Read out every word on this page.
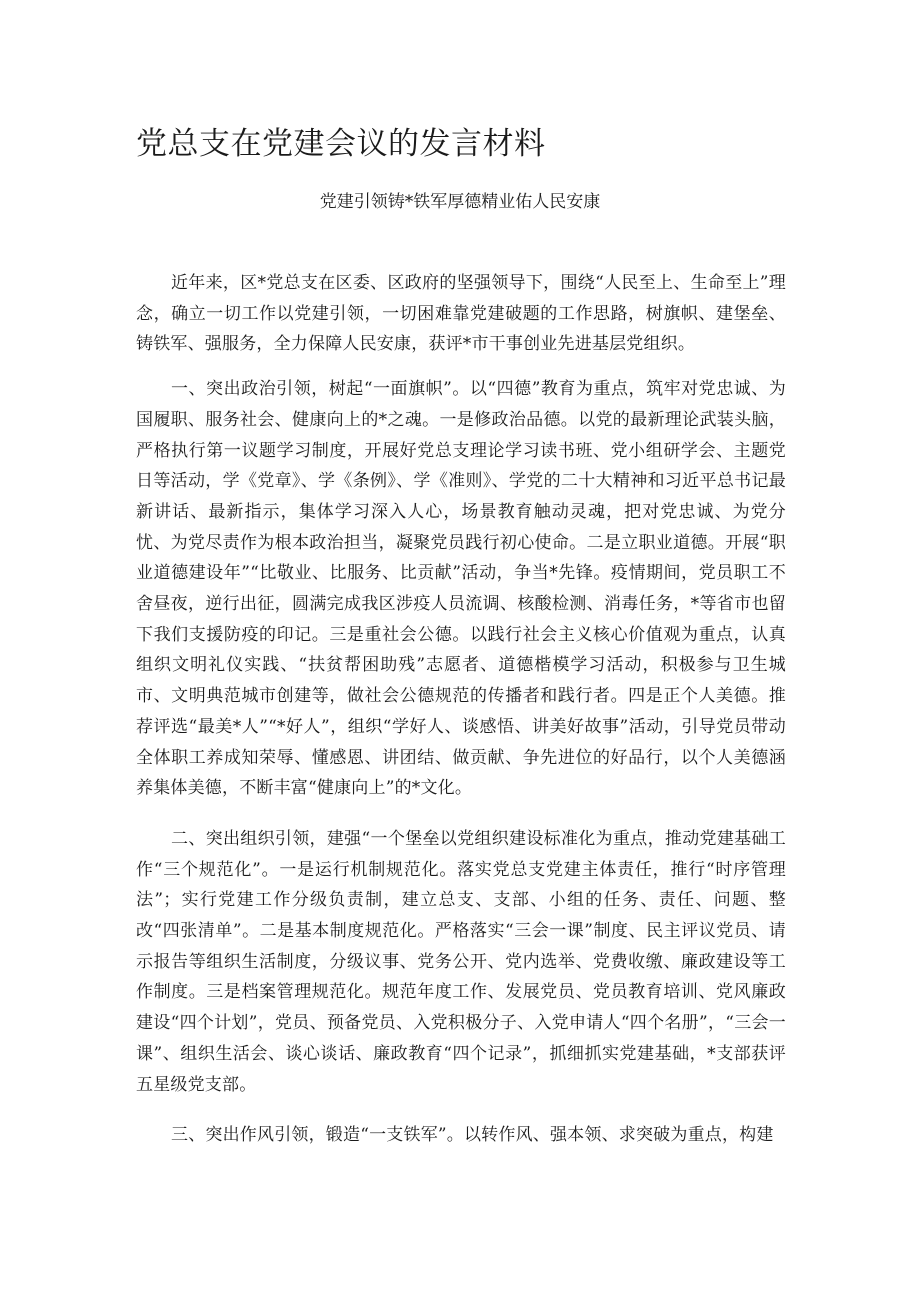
党总支在党建会议的发言材料

党建引领铸*铁军厚德精业佑人民安康

近年来，区*党总支在区委、区政府的坚强领导下，围绕“人民至上、生命至上”理念，确立一切工作以党建引领，一切困难靠党建破题的工作思路，树旗帜、建堡垒、铸铁军、强服务，全力保障人民安康，获评*市干事创业先进基层党组织。

一、突出政治引领，树起“一面旗帜”。以“四德”教育为重点，筑牢对党忠诚、为国履职、服务社会、健康向上的*之魂。一是修政治品德。以党的最新理论武装头脑，严格执行第一议题学习制度，开展好党总支理论学习读书班、党小组研学会、主题党日等活动，学《党章》、学《条例》、学《准则》、学党的二十大精神和习近平总书记最新讲话、最新指示，集体学习深入人心，场景教育触动灵魂，把对党忠诚、为党分忧、为党尽责作为根本政治担当，凝聚党员践行初心使命。二是立职业道德。开展“职业道德建设年”“比敬业、比服务、比贡献”活动，争当*先锋。疫情期间，党员职工不舍昼夜，逆行出征，圆满完成我区涉疫人员流调、核酸检测、消毒任务，*等省市也留下我们支援防疫的印记。三是重社会公德。以践行社会主义核心价值观为重点，认真组织文明礼仪实践、“扶贫帮困助残”志愿者、道德楷模学习活动，积极参与卫生城市、文明典范城市创建等，做社会公德规范的传播者和践行者。四是正个人美德。推荐评选“最美*人”“*好人”，组织“学好人、谈感悟、讲美好故事”活动，引导党员带动全体职工养成知荣辱、懂感恩、讲团结、做贡献、争先进位的好品行，以个人美德涵养集体美德，不断丰富“健康向上”的*文化。

二、突出组织引领，建强“一个堡垒以党组织建设标准化为重点，推动党建基础工作“三个规范化”。一是运行机制规范化。落实党总支党建主体责任，推行“时序管理法”；实行党建工作分级负责制，建立总支、支部、小组的任务、责任、问题、整改“四张清单”。二是基本制度规范化。严格落实“三会一课”制度、民主评议党员、请示报告等组织生活制度，分级议事、党务公开、党内选举、党费收缴、廉政建设等工作制度。三是档案管理规范化。规范年度工作、发展党员、党员教育培训、党风廉政建设“四个计划”，党员、预备党员、入党积极分子、入党申请人“四个名册”，“三会一课”、组织生活会、谈心谈话、廉政教育“四个记录”，抓细抓实党建基础，*支部获评五星级党支部。

三、突出作风引领，锻造“一支铁军”。以转作风、强本领、求突破为重点，构建
